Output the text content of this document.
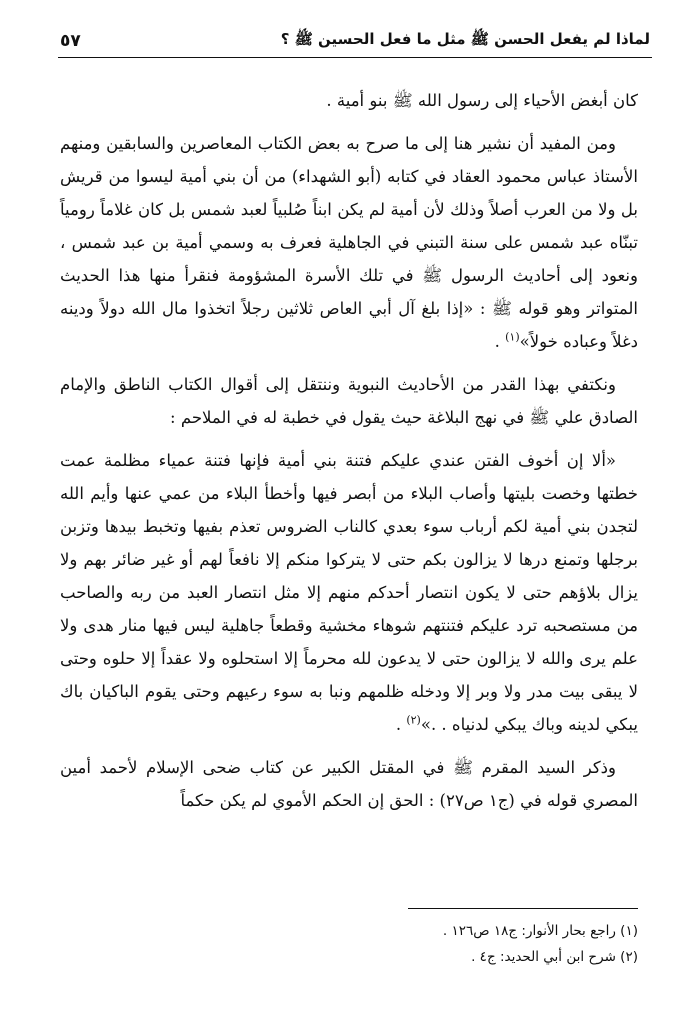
لماذا لم يفعل الحسن ﷺ مثل ما فعل الحسين ﷺ ؟
٥٧

كان أبغض الأحياء إلى رسول الله ﷺ بنو أمية .

ومن المفيد أن نشير هنا إلى ما صرح به بعض الكتاب المعاصرين والسابقين ومنهم الأستاذ عباس محمود العقاد في كتابه (أبو الشهداء) من أن بني أمية ليسوا من قريش بل ولا من العرب أصلاً وذلك لأن أمية لم يكن ابناً صُلبياً لعبد شمس بل كان غلاماً رومياً تبنّاه عبد شمس على سنة التبني في الجاهلية فعرف به وسمي أمية بن عبد شمس ، ونعود إلى أحاديث الرسول ﷺ في تلك الأسرة المشؤومة فنقرأ منها هذا الحديث المتواتر وهو قوله ﷺ : «إذا بلغ آل أبي العاص ثلاثين رجلاً اتخذوا مال الله دولاً ودينه دغلاً وعباده خولاً»$^{(١)}$ .

ونكتفي بهذا القدر من الأحاديث النبوية وننتقل إلى أقوال الكتاب الناطق والإمام الصادق علي ﷺ في نهج البلاغة حيث يقول في خطبة له في الملاحم :

«ألا إن أخوف الفتن عندي عليكم فتنة بني أمية فإنها فتنة عمياء مظلمة عمت خطتها وخصت بليتها وأصاب البلاء من أبصر فيها وأخطأ البلاء من عمي عنها وأيم الله لتجدن بني أمية لكم أرباب سوء بعدي كالناب الضروس تعذم بفيها وتخبط بيدها وتزبن برجلها وتمنع درها لا يزالون بكم حتى لا يتركوا منكم إلا نافعاً لهم أو غير ضائر بهم ولا يزال بلاؤهم حتى لا يكون انتصار أحدكم منهم إلا مثل انتصار العبد من ربه والصاحب من مستصحبه ترد عليكم فتنتهم شوهاء مخشية وقطعاً جاهلية ليس فيها منار هدى ولا علم يرى والله لا يزالون حتى لا يدعون لله محرماً إلا استحلوه ولا عقداً إلا حلوه وحتى لا يبقى بيت مدر ولا وبر إلا ودخله ظلمهم ونبا به سوء رعيهم وحتى يقوم الباكيان باك يبكي لدينه وباك يبكي لدنياه . .»$^{(٢)}$ .

وذكر السيد المقرم ﷺ في المقتل الكبير عن كتاب ضحى الإسلام لأحمد أمين المصري قوله في (ج١ ص٢٧) : الحق إن الحكم الأموي لم يكن حكماً

(١) راجع بحار الأنوار: ج١٨ ص١٢٦ .
(٢) شرح ابن أبي الحديد: ج٤ .
